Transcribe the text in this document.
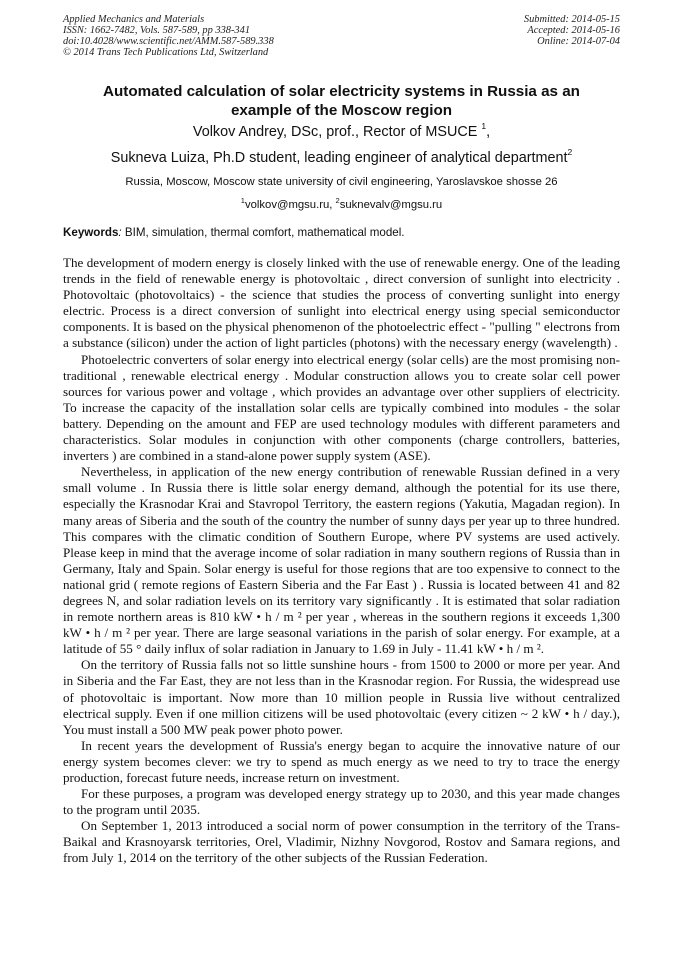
Applied Mechanics and Materials
ISSN: 1662-7482, Vols. 587-589, pp 338-341
doi:10.4028/www.scientific.net/AMM.587-589.338
© 2014 Trans Tech Publications Ltd, Switzerland
Submitted: 2014-05-15
Accepted: 2014-05-16
Online: 2014-07-04
Automated calculation of solar electricity systems in Russia as an
example of the Moscow region
Volkov Andrey, DSc, prof., Rector of MSUCE $^1$,
Sukneva Luiza, Ph.D student, leading engineer of analytical department$^2$
Russia, Moscow, Moscow state university of civil engineering, Yaroslavskoe shosse 26
$^1$volkov@mgsu.ru, $^2$suknevalv@mgsu.ru
Keywords: BIM, simulation, thermal comfort, mathematical model.

The development of modern energy is closely linked with the use of renewable energy. One of the leading trends in the field of renewable energy is photovoltaic , direct conversion of sunlight into electricity . Photovoltaic (photovoltaics) - the science that studies the process of converting sunlight into energy electric. Process is a direct conversion of sunlight into electrical energy using special semiconductor components. It is based on the physical phenomenon of the photoelectric effect - "pulling " electrons from a substance (silicon) under the action of light particles (photons) with the necessary energy (wavelength) .

Photoelectric converters of solar energy into electrical energy (solar cells) are the most promising non-traditional , renewable electrical energy . Modular construction allows you to create solar cell power sources for various power and voltage , which provides an advantage over other suppliers of electricity. To increase the capacity of the installation solar cells are typically combined into modules - the solar battery. Depending on the amount and FEP are used technology modules with different parameters and characteristics. Solar modules in conjunction with other components (charge controllers, batteries, inverters ) are combined in a stand-alone power supply system (ASE).

Nevertheless, in application of the new energy contribution of renewable Russian defined in a very small volume . In Russia there is little solar energy demand, although the potential for its use there, especially the Krasnodar Krai and Stavropol Territory, the eastern regions (Yakutia, Magadan region). In many areas of Siberia and the south of the country the number of sunny days per year up to three hundred. This compares with the climatic condition of Southern Europe, where PV systems are used actively. Please keep in mind that the average income of solar radiation in many southern regions of Russia than in Germany, Italy and Spain. Solar energy is useful for those regions that are too expensive to connect to the national grid ( remote regions of Eastern Siberia and the Far East ) . Russia is located between 41 and 82 degrees N, and solar radiation levels on its territory vary significantly . It is estimated that solar radiation in remote northern areas is 810 kW • h / m ² per year , whereas in the southern regions it exceeds 1,300 kW • h / m ² per year. There are large seasonal variations in the parish of solar energy. For example, at a latitude of 55 ° daily influx of solar radiation in January to 1.69 in July - 11.41 kW • h / m ².

On the territory of Russia falls not so little sunshine hours - from 1500 to 2000 or more per year. And in Siberia and the Far East, they are not less than in the Krasnodar region. For Russia, the widespread use of photovoltaic is important. Now more than 10 million people in Russia live without centralized electrical supply. Even if one million citizens will be used photovoltaic (every citizen ~ 2 kW • h / day.), You must install a 500 MW peak power photo power.

In recent years the development of Russia's energy began to acquire the innovative nature of our energy system becomes clever: we try to spend as much energy as we need to try to trace the energy production, forecast future needs, increase return on investment.

For these purposes, a program was developed energy strategy up to 2030, and this year made changes to the program until 2035.

On September 1, 2013 introduced a social norm of power consumption in the territory of the Trans-Baikal and Krasnoyarsk territories, Orel, Vladimir, Nizhny Novgorod, Rostov and Samara regions, and from July 1, 2014 on the territory of the other subjects of the Russian Federation.
